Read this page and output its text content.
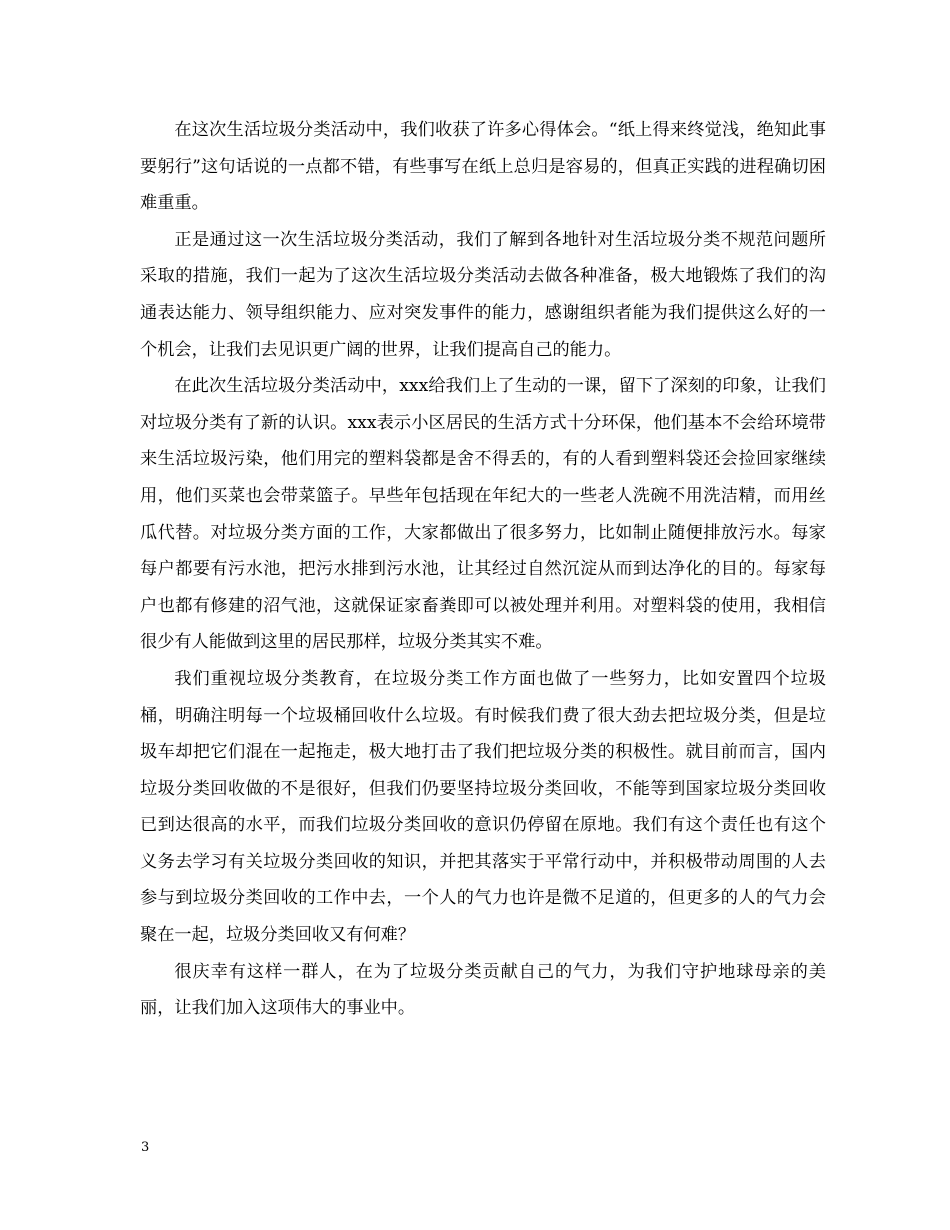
在这次生活垃圾分类活动中，我们收获了许多心得体会。“纸上得来终觉浅，绝知此事要躬行”这句话说的一点都不错，有些事写在纸上总归是容易的，但真正实践的进程确切困难重重。

正是通过这一次生活垃圾分类活动，我们了解到各地针对生活垃圾分类不规范问题所采取的措施，我们一起为了这次生活垃圾分类活动去做各种准备，极大地锻炼了我们的沟通表达能力、领导组织能力、应对突发事件的能力，感谢组织者能为我们提供这么好的一个机会，让我们去见识更广阔的世界，让我们提高自己的能力。

在此次生活垃圾分类活动中，xxx给我们上了生动的一课，留下了深刻的印象，让我们对垃圾分类有了新的认识。xxx表示小区居民的生活方式十分环保，他们基本不会给环境带来生活垃圾污染，他们用完的塑料袋都是舍不得丢的，有的人看到塑料袋还会捡回家继续用，他们买菜也会带菜篮子。早些年包括现在年纪大的一些老人洗碗不用洗洁精，而用丝瓜代替。对垃圾分类方面的工作，大家都做出了很多努力，比如制止随便排放污水。每家每户都要有污水池，把污水排到污水池，让其经过自然沉淀从而到达净化的目的。每家每户也都有修建的沼气池，这就保证家畜粪即可以被处理并利用。对塑料袋的使用，我相信很少有人能做到这里的居民那样，垃圾分类其实不难。

我们重视垃圾分类教育，在垃圾分类工作方面也做了一些努力，比如安置四个垃圾桶，明确注明每一个垃圾桶回收什么垃圾。有时候我们费了很大劲去把垃圾分类，但是垃圾车却把它们混在一起拖走，极大地打击了我们把垃圾分类的积极性。就目前而言，国内垃圾分类回收做的不是很好，但我们仍要坚持垃圾分类回收，不能等到国家垃圾分类回收已到达很高的水平，而我们垃圾分类回收的意识仍停留在原地。我们有这个责任也有这个义务去学习有关垃圾分类回收的知识，并把其落实于平常行动中，并积极带动周围的人去参与到垃圾分类回收的工作中去，一个人的气力也许是微不足道的，但更多的人的气力会聚在一起，垃圾分类回收又有何难？

很庆幸有这样一群人，在为了垃圾分类贡献自己的气力，为我们守护地球母亲的美丽，让我们加入这项伟大的事业中。

3
